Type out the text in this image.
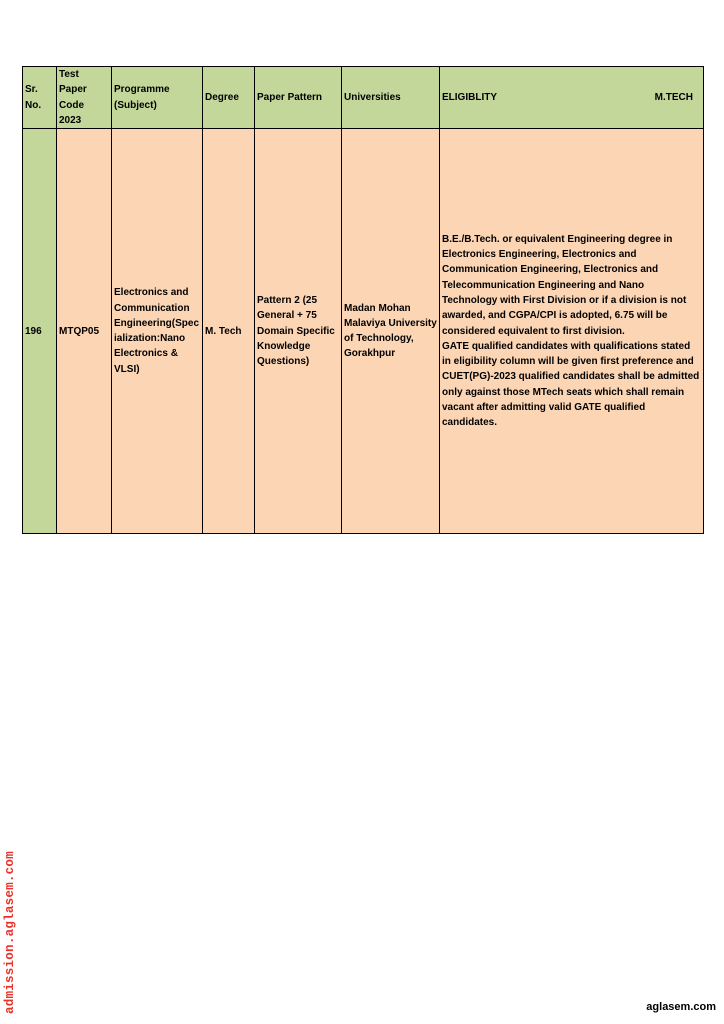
Sr. No.	Test Paper Code 2023	Programme (Subject)	Degree	Paper Pattern	Universities	ELIGIBLITY M.TECH

196	MTQP05	Electronics and Communication Engineering(Specialization:Nano Electronics & VLSI)	M. Tech	Pattern 2 (25 General + 75 Domain Specific Knowledge Questions)	Madan Mohan Malaviya University of Technology, Gorakhpur	B.E./B.Tech. or equivalent Engineering degree in Electronics Engineering, Electronics and Communication Engineering, Electronics and Telecommunication Engineering and Nano Technology with First Division or if a division is not awarded, and CGPA/CPI is adopted, 6.75 will be considered equivalent to first division.
GATE qualified candidates with qualifications stated in eligibility column will be given first preference and CUET(PG)-2023 qualified candidates shall be admitted only against those MTech seats which shall remain vacant after admitting valid GATE qualified candidates.
admission.aglasem.com	aglasem.com
